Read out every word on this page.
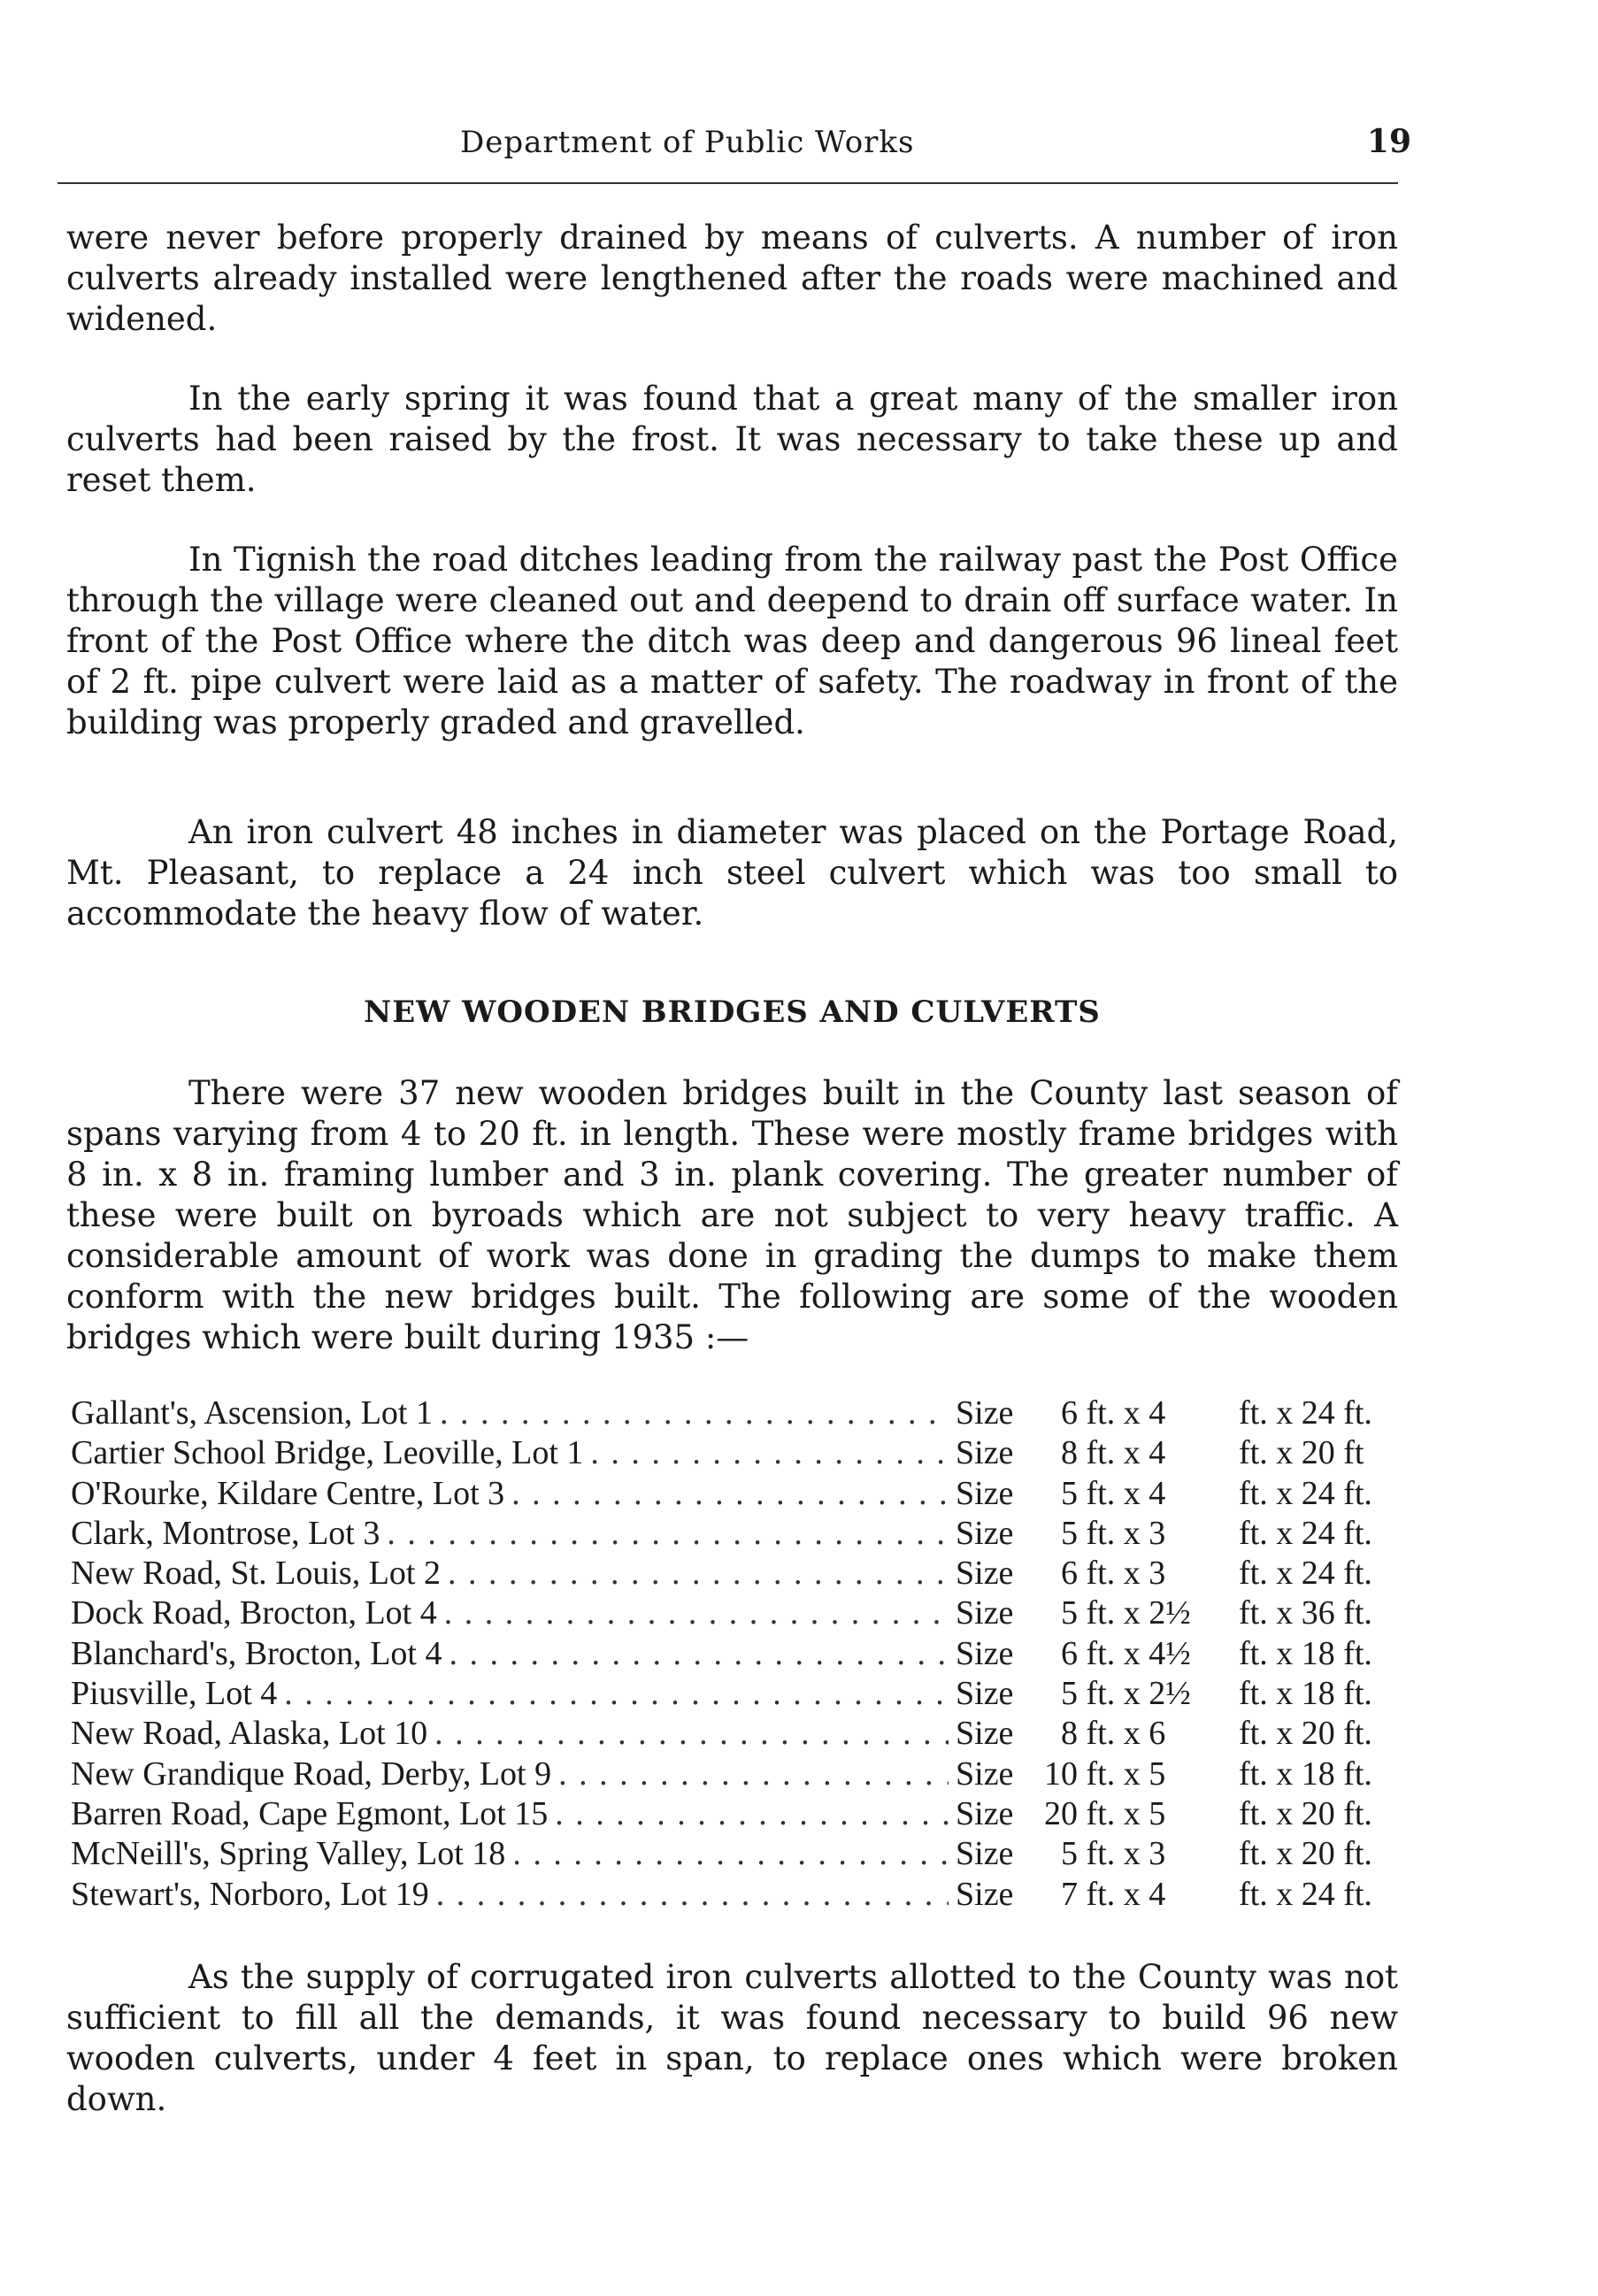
Department of Public Works	19

were never before properly drained by means of culverts. A number of iron culverts already installed were lengthened after the roads were machined and widened.

In the early spring it was found that a great many of the smaller iron culverts had been raised by the frost. It was necessary to take these up and reset them.

In Tignish the road ditches leading from the railway past the Post Office through the village were cleaned out and deepend to drain off surface water. In front of the Post Office where the ditch was deep and dangerous 96 lineal feet of 2 ft. pipe culvert were laid as a matter of safety. The roadway in front of the building was properly graded and gravelled.

An iron culvert 48 inches in diameter was placed on the Portage Road, Mt. Pleasant, to replace a 24 inch steel culvert which was too small to accommodate the heavy flow of water.

NEW WOODEN BRIDGES AND CULVERTS

There were 37 new wooden bridges built in the County last season of spans varying from 4 to 20 ft. in length. These were mostly frame bridges with 8 in. x 8 in. framing lumber and 3 in. plank covering. The greater number of these were built on byroads which are not subject to very heavy traffic. A considerable amount of work was done in grading the dumps to make them conform with the new bridges built. The following are some of the wooden bridges which were built during 1935 :—

Gallant's, Ascension, Lot 1 . . .	Size	6 ft. x 4	ft. x 24 ft.
Cartier School Bridge, Leoville, Lot 1 . . .	Size	8 ft. x 4	ft. x 20 ft
O'Rourke, Kildare Centre, Lot 3 . . .	Size	5 ft. x 4	ft. x 24 ft.
Clark, Montrose, Lot 3 . . .	Size	5 ft. x 3	ft. x 24 ft.
New Road, St. Louis, Lot 2 . . .	Size	6 ft. x 3	ft. x 24 ft.
Dock Road, Brocton, Lot 4 . . .	Size	5 ft. x 2½	ft. x 36 ft.
Blanchard's, Brocton, Lot 4 . . .	Size	6 ft. x 4½	ft. x 18 ft.
Piusville, Lot 4 . . .	Size	5 ft. x 2½	ft. x 18 ft.
New Road, Alaska, Lot 10 . . .	Size	8 ft. x 6	ft. x 20 ft.
New Grandique Road, Derby, Lot 9 . . .	Size 10 ft. x 5	ft. x 18 ft.
Barren Road, Cape Egmont, Lot 15 . . .	Size 20 ft. x 5	ft. x 20 ft.
McNeill's, Spring Valley, Lot 18 . . .	Size	5 ft. x 3	ft. x 20 ft.
Stewart's, Norboro, Lot 19 . . .	Size	7 ft. x 4	ft. x 24 ft.

As the supply of corrugated iron culverts allotted to the County was not sufficient to fill all the demands, it was found necessary to build 96 new wooden culverts, under 4 feet in span, to replace ones which were broken down.
